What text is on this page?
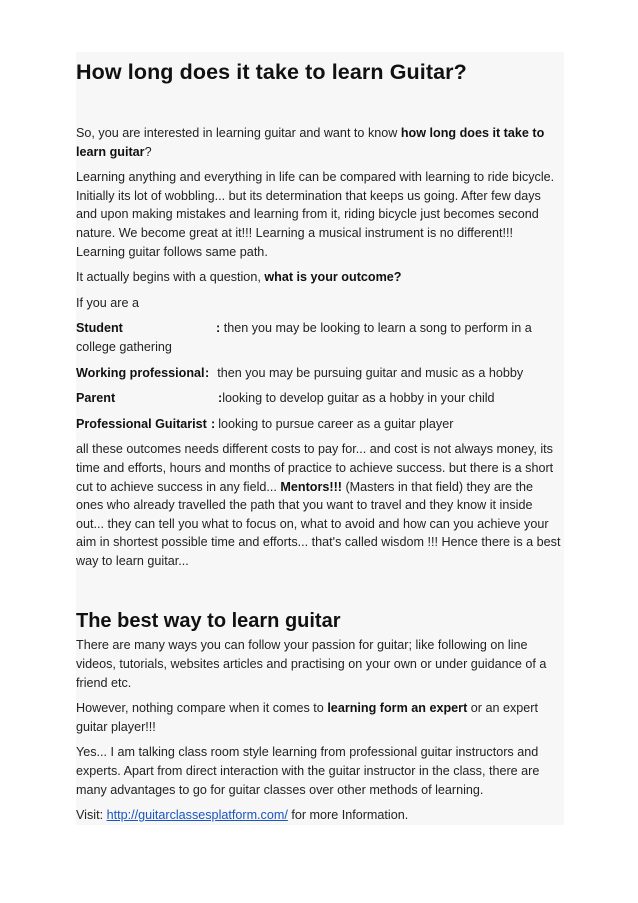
How long does it take to learn Guitar?

So, you are interested in learning guitar and want to know how long does it take to learn guitar?

Learning anything and everything in life can be compared with learning to ride bicycle. Initially its lot of wobbling... but its determination that keeps us going. After few days and upon making mistakes and learning from it, riding bicycle just becomes second nature. We become great at it!!! Learning a musical instrument is no different!!! Learning guitar follows same path.

It actually begins with a question, what is your outcome?

If you are a

Student	: then you may be looking to learn a song to perform in a college gathering

Working professional : then you may be pursuing guitar and music as a hobby

Parent	: looking to develop guitar as a hobby in your child

Professional Guitarist : looking to pursue career as a guitar player

all these outcomes needs different costs to pay for... and cost is not always money, its time and efforts, hours and months of practice to achieve success. but there is a short cut to achieve success in any field... Mentors!!! (Masters in that field) they are the ones who already travelled the path that you want to travel and they know it inside out... they can tell you what to focus on, what to avoid and how can you achieve your aim in shortest possible time and efforts... that's called wisdom !!! Hence there is a best way to learn guitar...

The best way to learn guitar

There are many ways you can follow your passion for guitar; like following on line videos, tutorials, websites articles and practising on your own or under guidance of a friend etc.

However, nothing compare when it comes to learning form an expert or an expert guitar player!!!

Yes... I am talking class room style learning from professional guitar instructors and experts. Apart from direct interaction with the guitar instructor in the class, there are many advantages to go for guitar classes over other methods of learning.

Visit: http://guitarclassesplatform.com/ for more Information.
